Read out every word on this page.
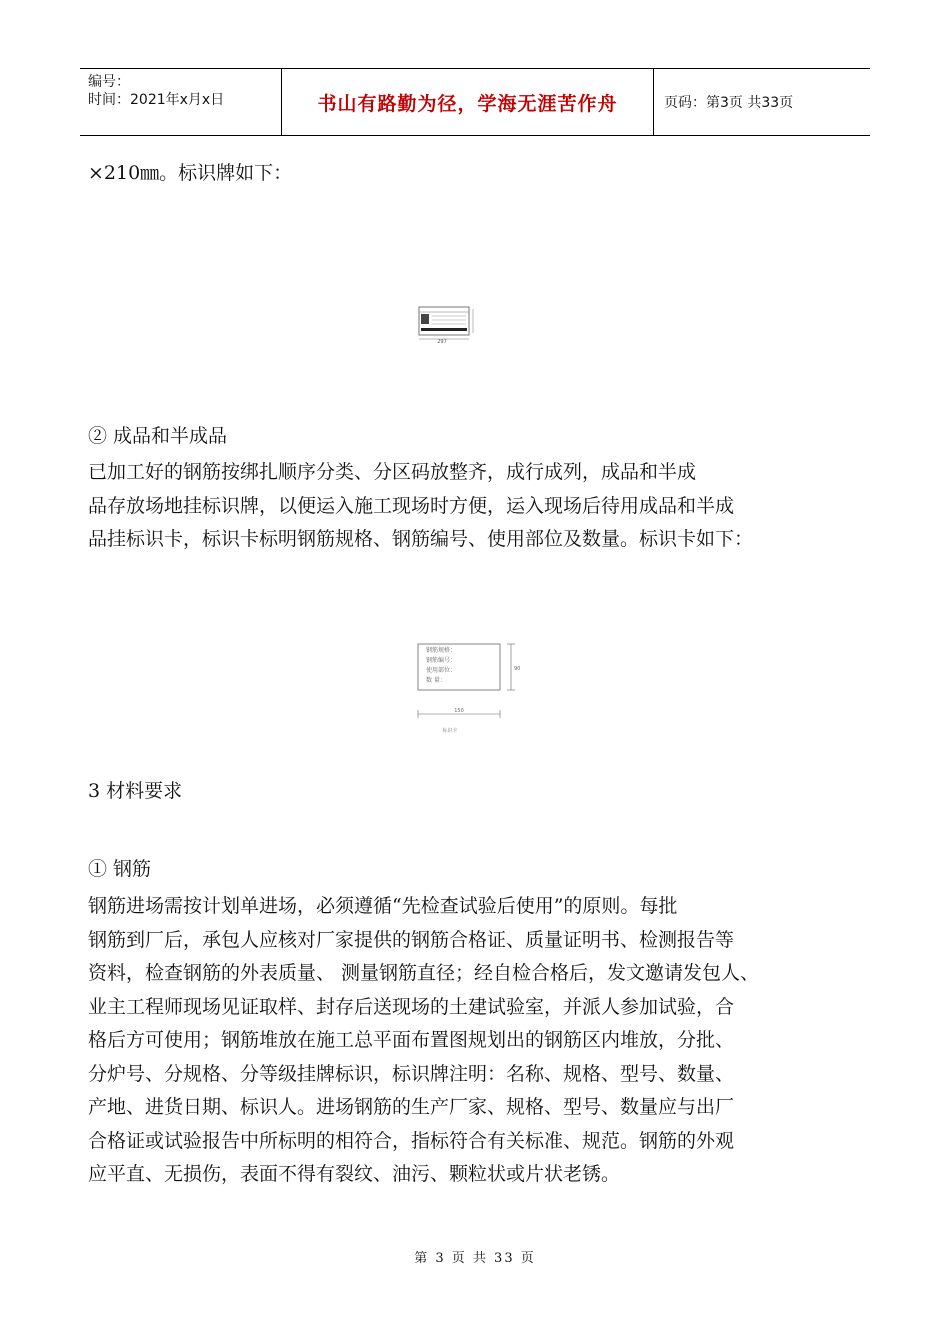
编号：
时间：2021年x月x日	书山有路勤为径，学海无涯苦作舟	页码：第3页 共33页
×210㎜。标识牌如下：
297
② 成品和半成品
已加工好的钢筋按绑扎顺序分类、分区码放整齐，成行成列，成品和半成
品存放场地挂标识牌，以便运入施工现场时方便，运入现场后待用成品和半成
品挂标识卡，标识卡标明钢筋规格、钢筋编号、使用部位及数量。标识卡如下：
钢筋规格：
钢筋编号：
使用部位：
数 量：
90
150
标识卡
3 材料要求
① 钢筋
钢筋进场需按计划单进场，必须遵循“先检查试验后使用”的原则。每批
钢筋到厂后，承包人应核对厂家提供的钢筋合格证、质量证明书、检测报告等
资料，检查钢筋的外表质量、 测量钢筋直径；经自检合格后，发文邀请发包人、
业主工程师现场见证取样、封存后送现场的土建试验室，并派人参加试验，合
格后方可使用；钢筋堆放在施工总平面布置图规划出的钢筋区内堆放，分批、
分炉号、分规格、分等级挂牌标识，标识牌注明：名称、规格、型号、数量、
产地、进货日期、标识人。进场钢筋的生产厂家、规格、型号、数量应与出厂
合格证或试验报告中所标明的相符合，指标符合有关标准、规范。钢筋的外观
应平直、无损伤，表面不得有裂纹、油污、颗粒状或片状老锈。
第 3 页 共 33 页
